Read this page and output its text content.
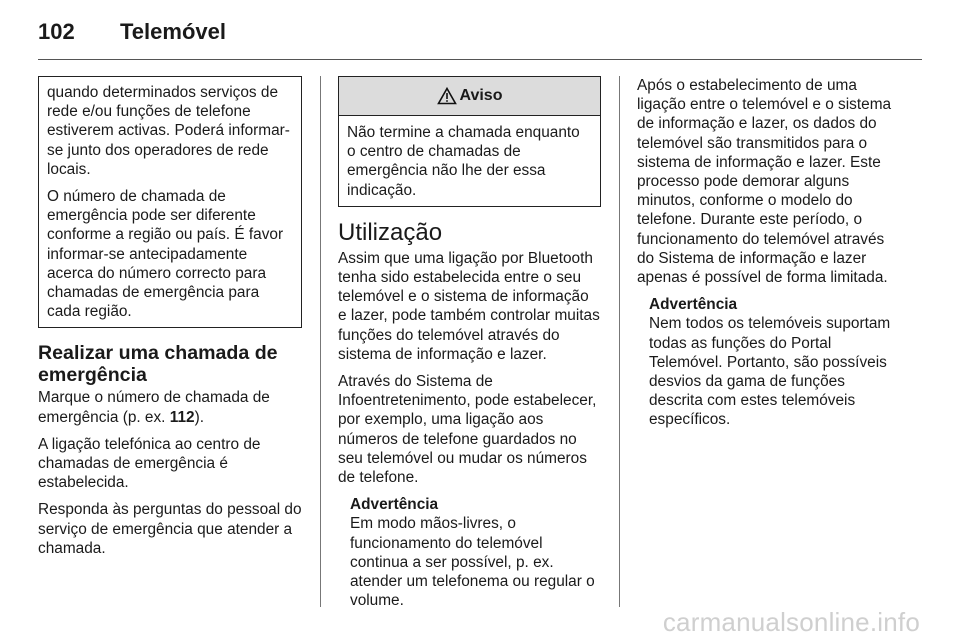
102	Telemóvel

quando determinados serviços de rede e/ou funções de telefone estiverem activas. Poderá informar-se junto dos operadores de rede locais.

O número de chamada de emergência pode ser diferente conforme a região ou país. É favor informar-se antecipadamente acerca do número correcto para chamadas de emergência para cada região.

Realizar uma chamada de emergência

Marque o número de chamada de emergência (p. ex. 112).

A ligação telefónica ao centro de chamadas de emergência é estabelecida.

Responda às perguntas do pessoal do serviço de emergência que atender a chamada.

Aviso
Não termine a chamada enquanto o centro de chamadas de emergência não lhe der essa indicação.
Utilização

Assim que uma ligação por Bluetooth tenha sido estabelecida entre o seu telemóvel e o sistema de informação e lazer, pode também controlar muitas funções do telemóvel através do sistema de informação e lazer.

Através do Sistema de Infoentretenimento, pode estabelecer, por exemplo, uma ligação aos números de telefone guardados no seu telemóvel ou mudar os números de telefone.

Advertência
Em modo mãos-livres, o funcionamento do telemóvel continua a ser possível, p. ex. atender um telefonema ou regular o volume.

Após o estabelecimento de uma ligação entre o telemóvel e o sistema de informação e lazer, os dados do telemóvel são transmitidos para o sistema de informação e lazer. Este processo pode demorar alguns minutos, conforme o modelo do telefone. Durante este período, o funcionamento do telemóvel através do Sistema de informação e lazer apenas é possível de forma limitada.

Advertência
Nem todos os telemóveis suportam todas as funções do Portal Telemóvel. Portanto, são possíveis desvios da gama de funções descrita com estes telemóveis específicos.
carmanualsonline.info
